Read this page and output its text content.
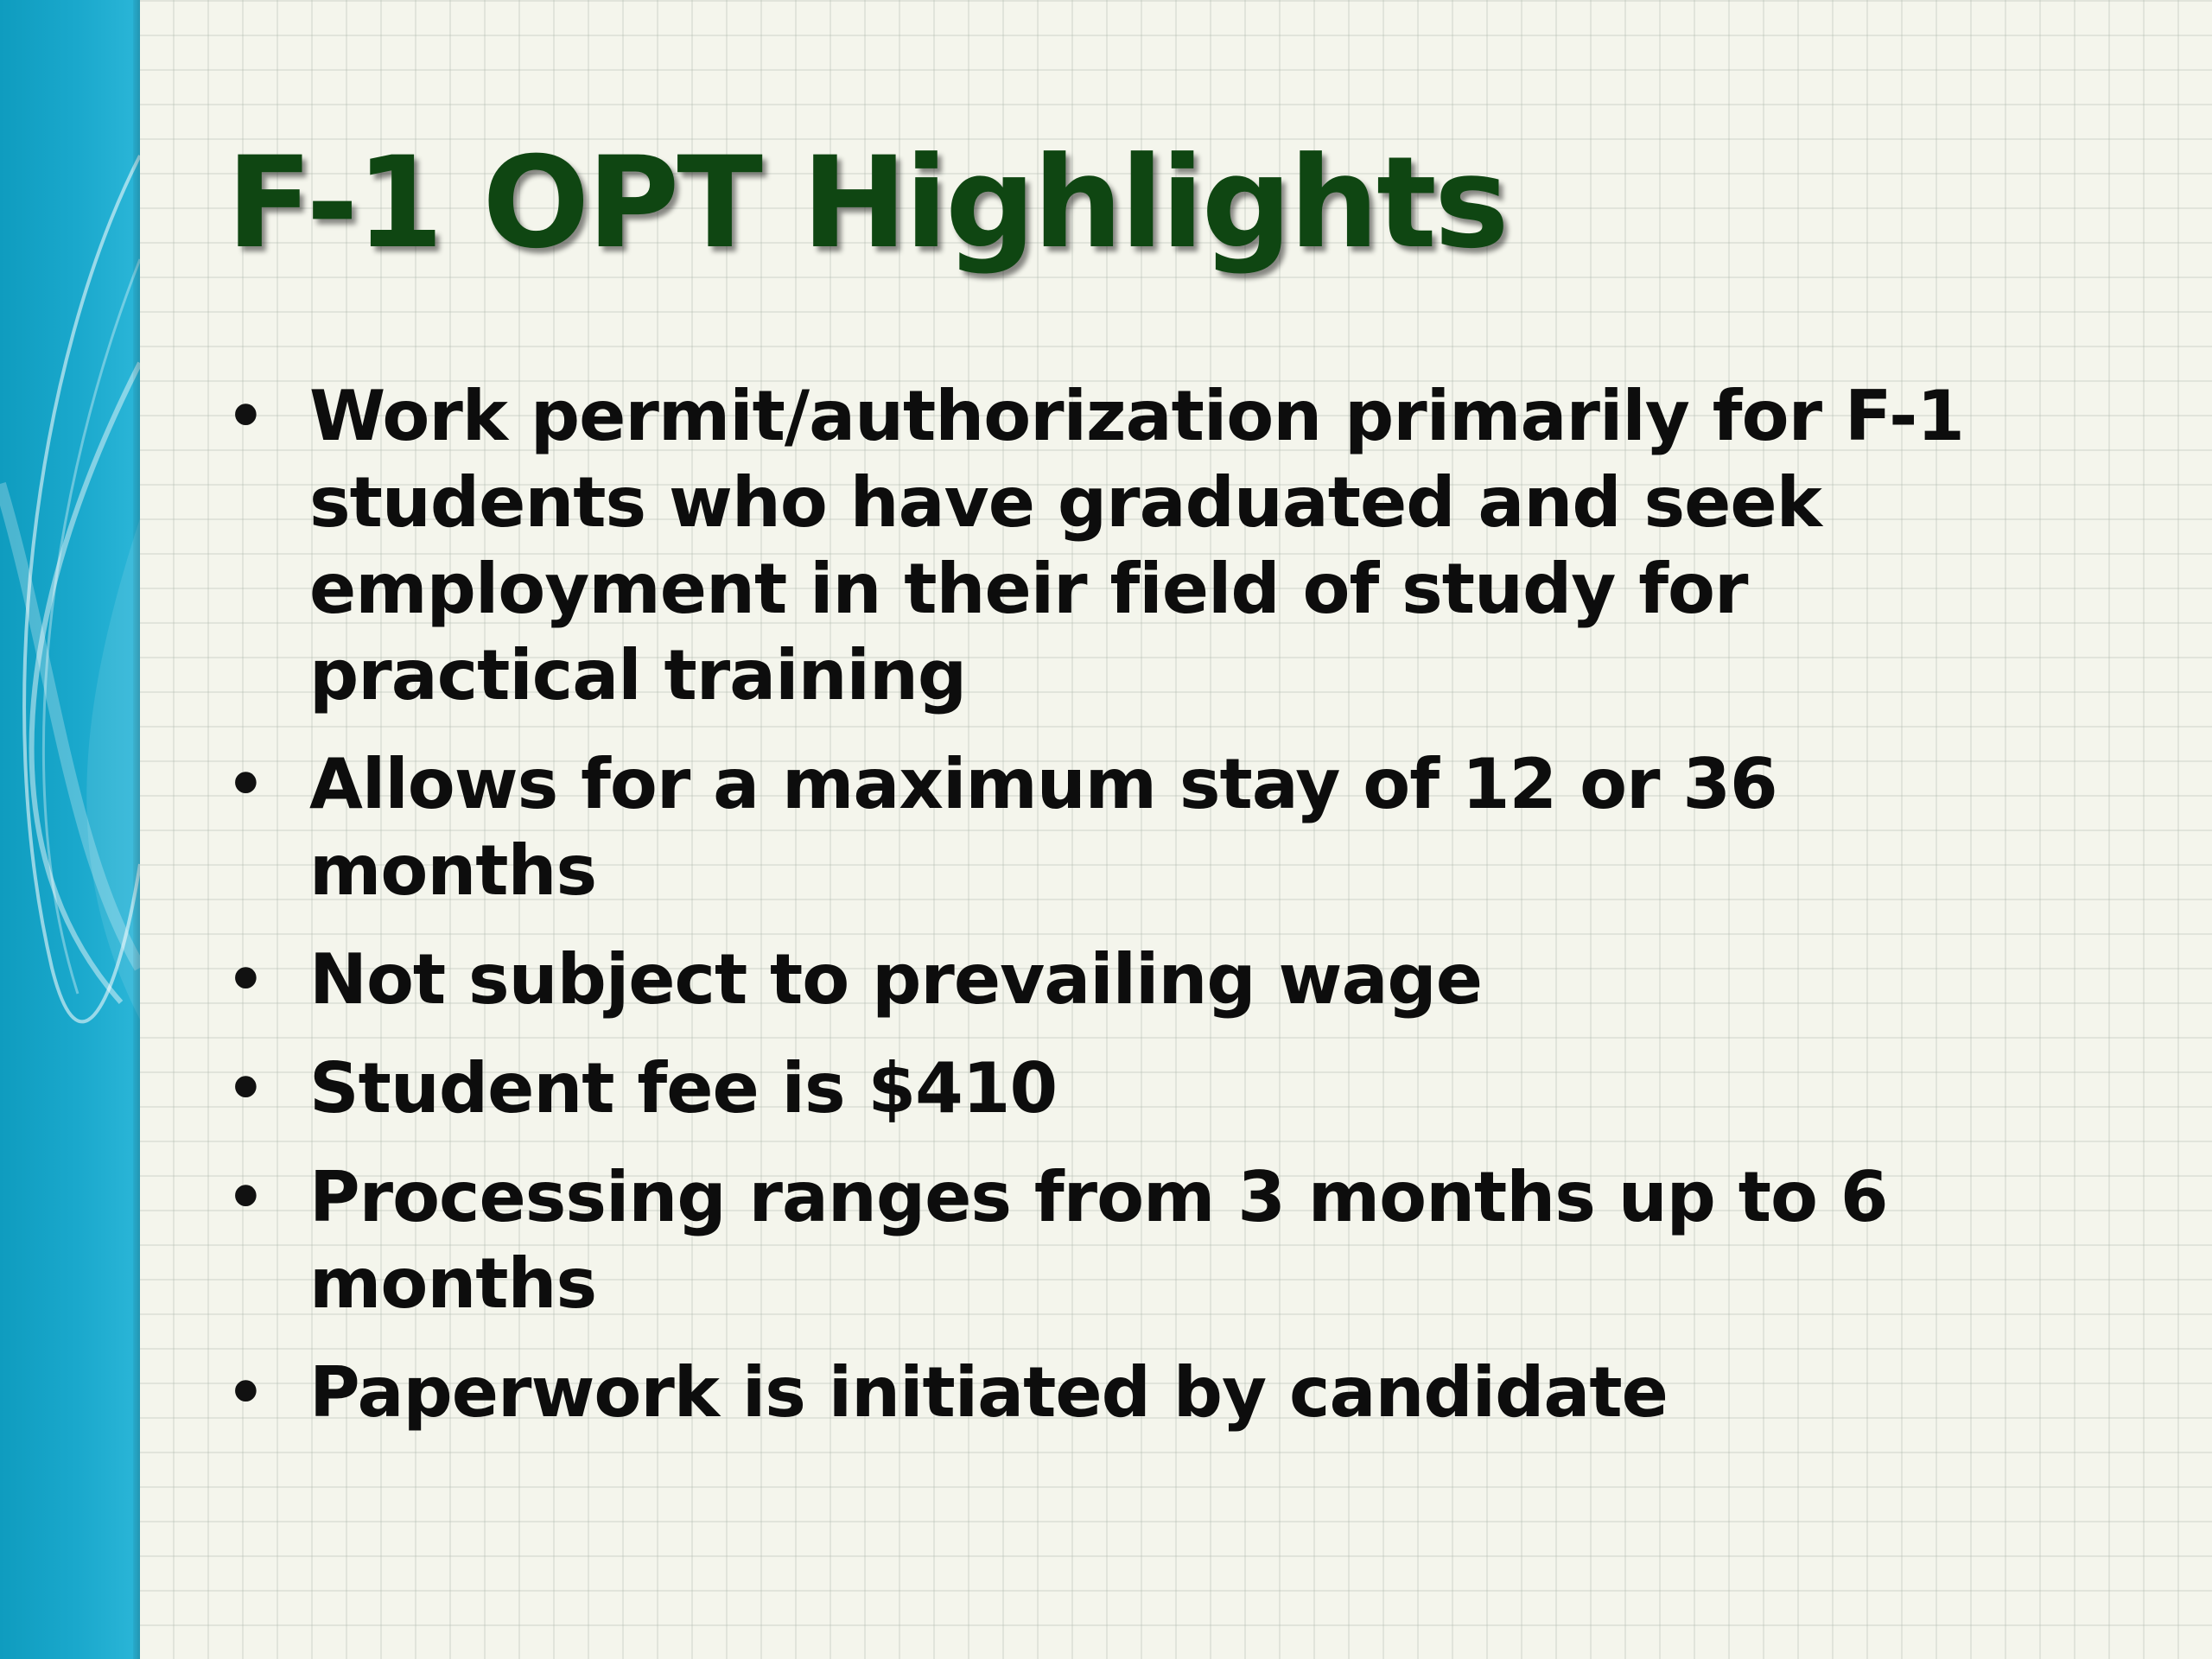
F-1 OPT Highlights
• Work permit/authorization primarily for F-1 students who have graduated and seek employment in their field of study for practical training
• Allows for a maximum stay of 12 or 36 months
• Not subject to prevailing wage
• Student fee is $410
• Processing ranges from 3 months up to 6 months
• Paperwork is initiated by candidate
